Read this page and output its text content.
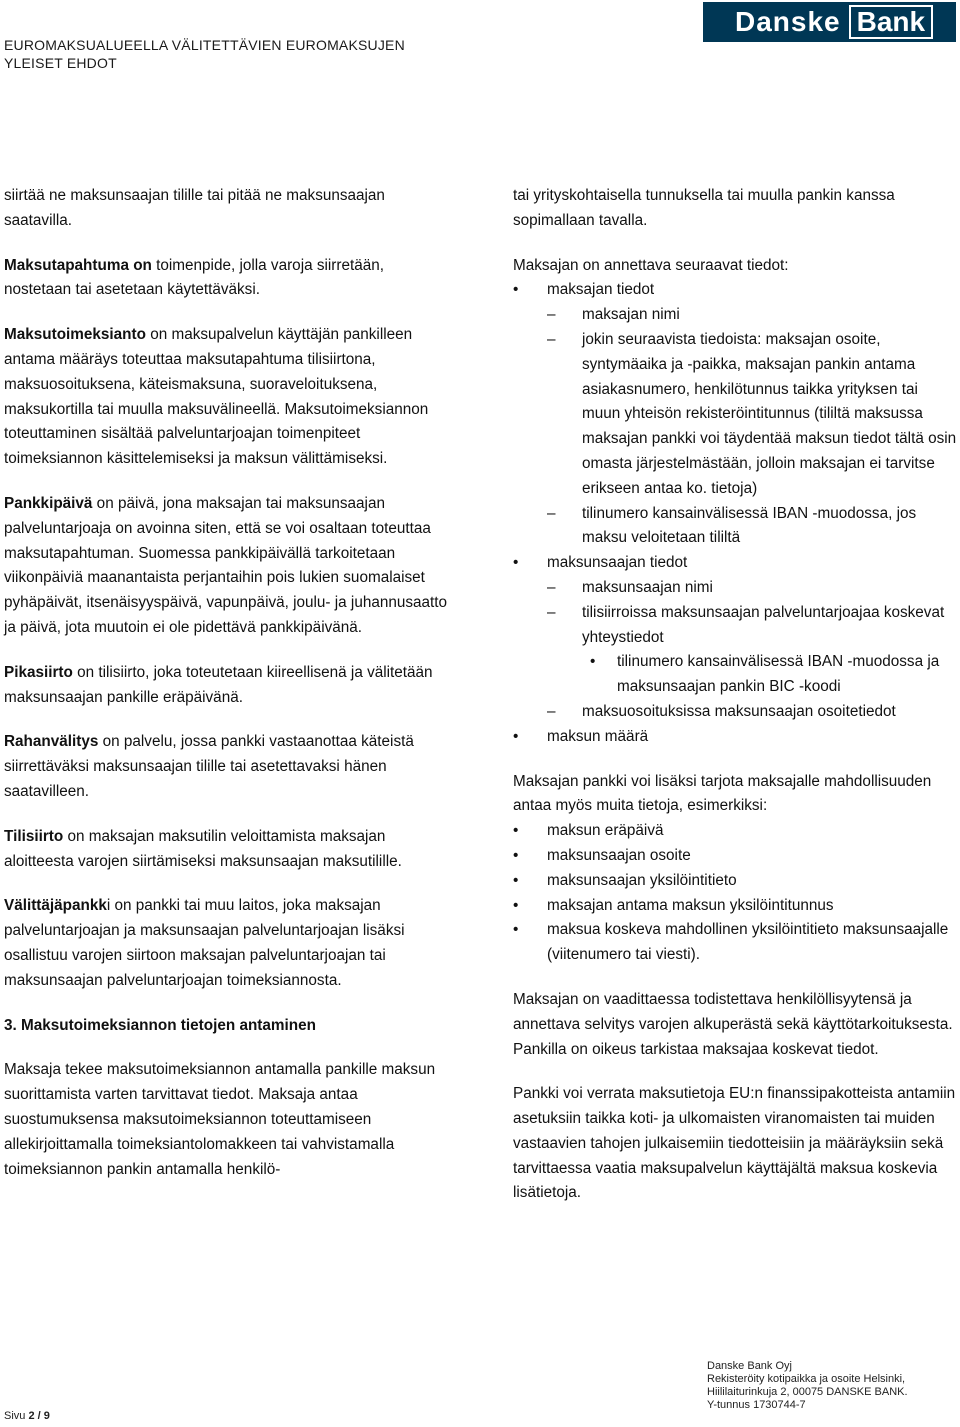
EUROMAKSUALUEELLA VÄLITETTÄVIEN EUROMAKSUJEN
YLEISET EHDOT
Danske Bank

siirtää ne maksunsaajan tilille tai pitää ne maksunsaajan saatavilla.

Maksutapahtuma on toimenpide, jolla varoja siirretään, nostetaan tai asetetaan käytettäväksi.

Maksutoimeksianto on maksupalvelun käyttäjän pankilleen antama määräys toteuttaa maksutapahtuma tilisiirtona, maksuosoituksena, käteismaksuna, suoraveloituksena, maksukortilla tai muulla maksuvälineellä. Maksutoimeksiannon toteuttaminen sisältää palveluntarjoajan toimenpiteet toimeksiannon käsittelemiseksi ja maksun välittämiseksi.

Pankkipäivä on päivä, jona maksajan tai maksunsaajan palveluntarjoaja on avoinna siten, että se voi osaltaan toteuttaa maksutapahtuman. Suomessa pankkipäivällä tarkoitetaan viikonpäiviä maanantaista perjantaihin pois lukien suomalaiset pyhäpäivät, itsenäisyyspäivä, vapunpäivä, joulu- ja juhannusaatto ja päivä, jota muutoin ei ole pidettävä pankkipäivänä.

Pikasiirto on tilisiirto, joka toteutetaan kiireellisenä ja välitetään maksunsaajan pankille eräpäivänä.

Rahanvälitys on palvelu, jossa pankki vastaanottaa käteistä siirrettäväksi maksunsaajan tilille tai asetettavaksi hänen saatavilleen.

Tilisiirto on maksajan maksutilin veloittamista maksajan aloitteesta varojen siirtämiseksi maksunsaajan maksutilille.

Välittäjäpankki on pankki tai muu laitos, joka maksajan palveluntarjoajan ja maksunsaajan palveluntarjoajan lisäksi osallistuu varojen siirtoon maksajan palveluntarjoajan tai maksunsaajan palveluntarjoajan toimeksiannosta.

3. Maksutoimeksiannon tietojen antaminen

Maksaja tekee maksutoimeksiannon antamalla pankille maksun suorittamista varten tarvittavat tiedot. Maksaja antaa suostumuksensa maksutoimeksiannon toteuttamiseen allekirjoittamalla toimeksiantolomakkeen tai vahvistamalla toimeksiannon pankin antamalla henkilö-

tai yrityskohtaisella tunnuksella tai muulla pankin kanssa sopimallaan tavalla.

Maksajan on annettava seuraavat tiedot:
• maksajan tiedot
– maksajan nimi
– jokin seuraavista tiedoista: maksajan osoite, syntymäaika ja -paikka, maksajan pankin antama asiakasnumero, henkilötunnus taikka yrityksen tai muun yhteisön rekisteröintitunnus (tililtä maksussa maksajan pankki voi täydentää maksun tiedot tältä osin omasta järjestelmästään, jolloin maksajan ei tarvitse erikseen antaa ko. tietoja)
– tilinumero kansainvälisessä IBAN -muodossa, jos maksu veloitetaan tililtä
• maksunsaajan tiedot
– maksunsaajan nimi
– tilisiirroissa maksunsaajan palveluntarjoajaa koskevat yhteystiedot
• tilinumero kansainvälisessä IBAN -muodossa ja maksunsaajan pankin BIC -koodi
– maksuosoituksissa maksunsaajan osoitetiedot
• maksun määrä
Maksajan pankki voi lisäksi tarjota maksajalle mahdollisuuden antaa myös muita tietoja, esimerkiksi:
• maksun eräpäivä
• maksunsaajan osoite
• maksunsaajan yksilöintitieto
• maksajan antama maksun yksilöintitunnus
• maksua koskeva mahdollinen yksilöintitieto maksunsaajalle (viitenumero tai viesti).

Maksajan on vaadittaessa todistettava henkilöllisyytensä ja annettava selvitys varojen alkuperästä sekä käyttötarkoituksesta. Pankilla on oikeus tarkistaa maksajaa koskevat tiedot.

Pankki voi verrata maksutietoja EU:n finanssipakotteista antamiin asetuksiin taikka koti- ja ulkomaisten viranomaisten tai muiden vastaavien tahojen julkaisemiin tiedotteisiin ja määräyksiin sekä tarvittaessa vaatia maksupalvelun käyttäjältä maksua koskevia lisätietoja.

Danske Bank Oyj
Rekisteröity kotipaikka ja osoite Helsinki,
Hiililaiturinkuja 2, 00075 DANSKE BANK.
Y-tunnus 1730744-7
Sivu 2 / 9
